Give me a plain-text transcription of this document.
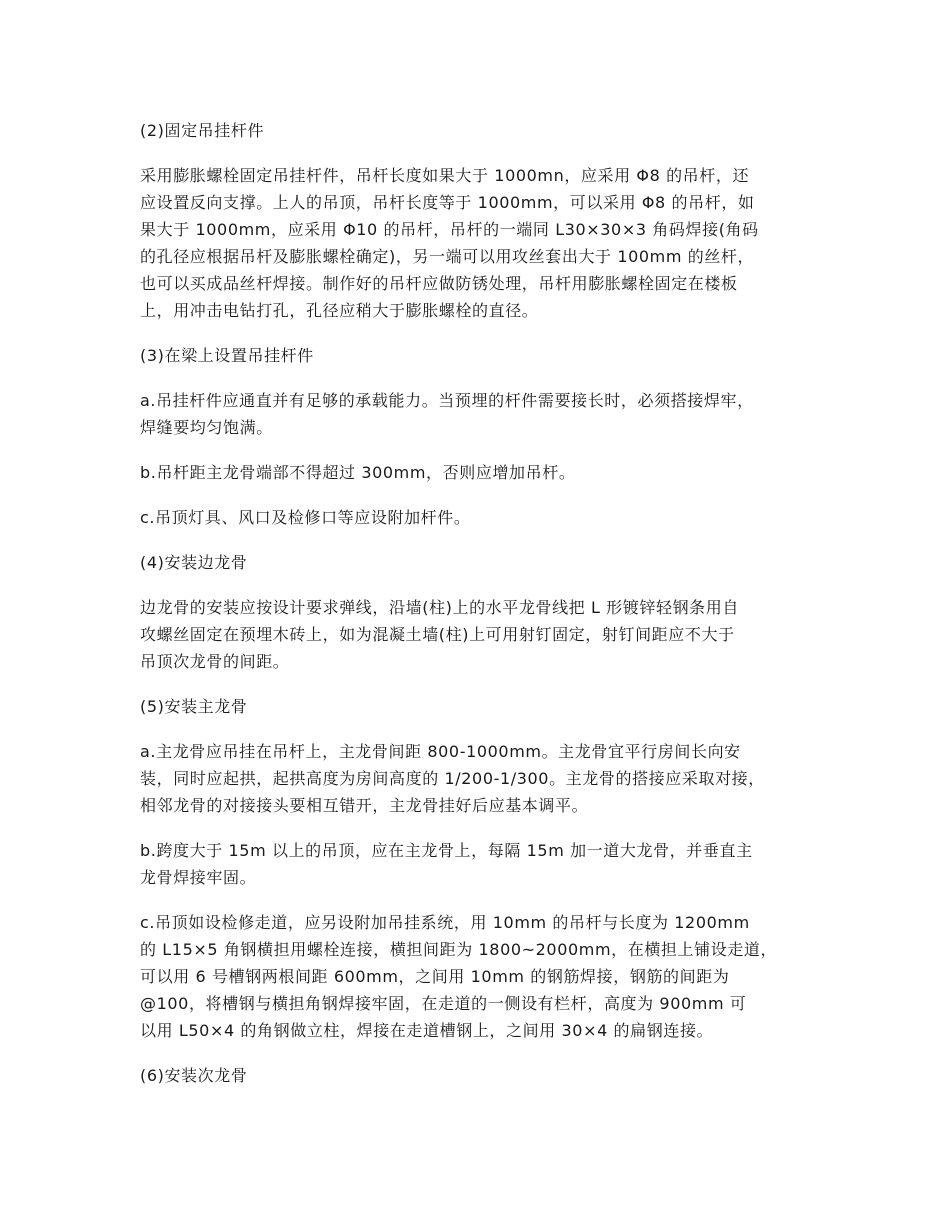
(2)固定吊挂杆件

采用膨胀螺栓固定吊挂杆件，吊杆长度如果大于 1000mn，应采用 Φ8 的吊杆，还
应设置反向支撑。上人的吊顶，吊杆长度等于 1000mm，可以采用 Φ8 的吊杆，如
果大于 1000mm，应采用 Φ10 的吊杆，吊杆的一端同 L30×30×3 角码焊接(角码
的孔径应根据吊杆及膨胀螺栓确定)，另一端可以用攻丝套出大于 100mm 的丝杆，
也可以买成品丝杆焊接。制作好的吊杆应做防锈处理，吊杆用膨胀螺栓固定在楼板
上，用冲击电钻打孔，孔径应稍大于膨胀螺栓的直径。

(3)在梁上设置吊挂杆件

a.吊挂杆件应通直并有足够的承载能力。当预埋的杆件需要接长时，必须搭接焊牢，
焊缝要均匀饱满。

b.吊杆距主龙骨端部不得超过 300mm，否则应增加吊杆。

c.吊顶灯具、风口及检修口等应设附加杆件。

(4)安装边龙骨

边龙骨的安装应按设计要求弹线，沿墙(柱)上的水平龙骨线把 L 形镀锌轻钢条用自
攻螺丝固定在预埋木砖上，如为混凝土墙(柱)上可用射钉固定，射钉间距应不大于
吊顶次龙骨的间距。

(5)安装主龙骨

a.主龙骨应吊挂在吊杆上，主龙骨间距 800-1000mm。主龙骨宜平行房间长向安
装，同时应起拱，起拱高度为房间高度的 1/200-1/300。主龙骨的搭接应采取对接，
相邻龙骨的对接接头要相互错开，主龙骨挂好后应基本调平。

b.跨度大于 15m 以上的吊顶，应在主龙骨上，每隔 15m 加一道大龙骨，并垂直主
龙骨焊接牢固。

c.吊顶如设检修走道，应另设附加吊挂系统，用 10mm 的吊杆与长度为 1200mm
的 L15×5 角钢横担用螺栓连接，横担间距为 1800~2000mm，在横担上铺设走道，
可以用 6 号槽钢两根间距 600mm，之间用 10mm 的钢筋焊接，钢筋的间距为
@100，将槽钢与横担角钢焊接牢固，在走道的一侧设有栏杆，高度为 900mm 可
以用 L50×4 的角钢做立柱，焊接在走道槽钢上，之间用 30×4 的扁钢连接。

(6)安装次龙骨
